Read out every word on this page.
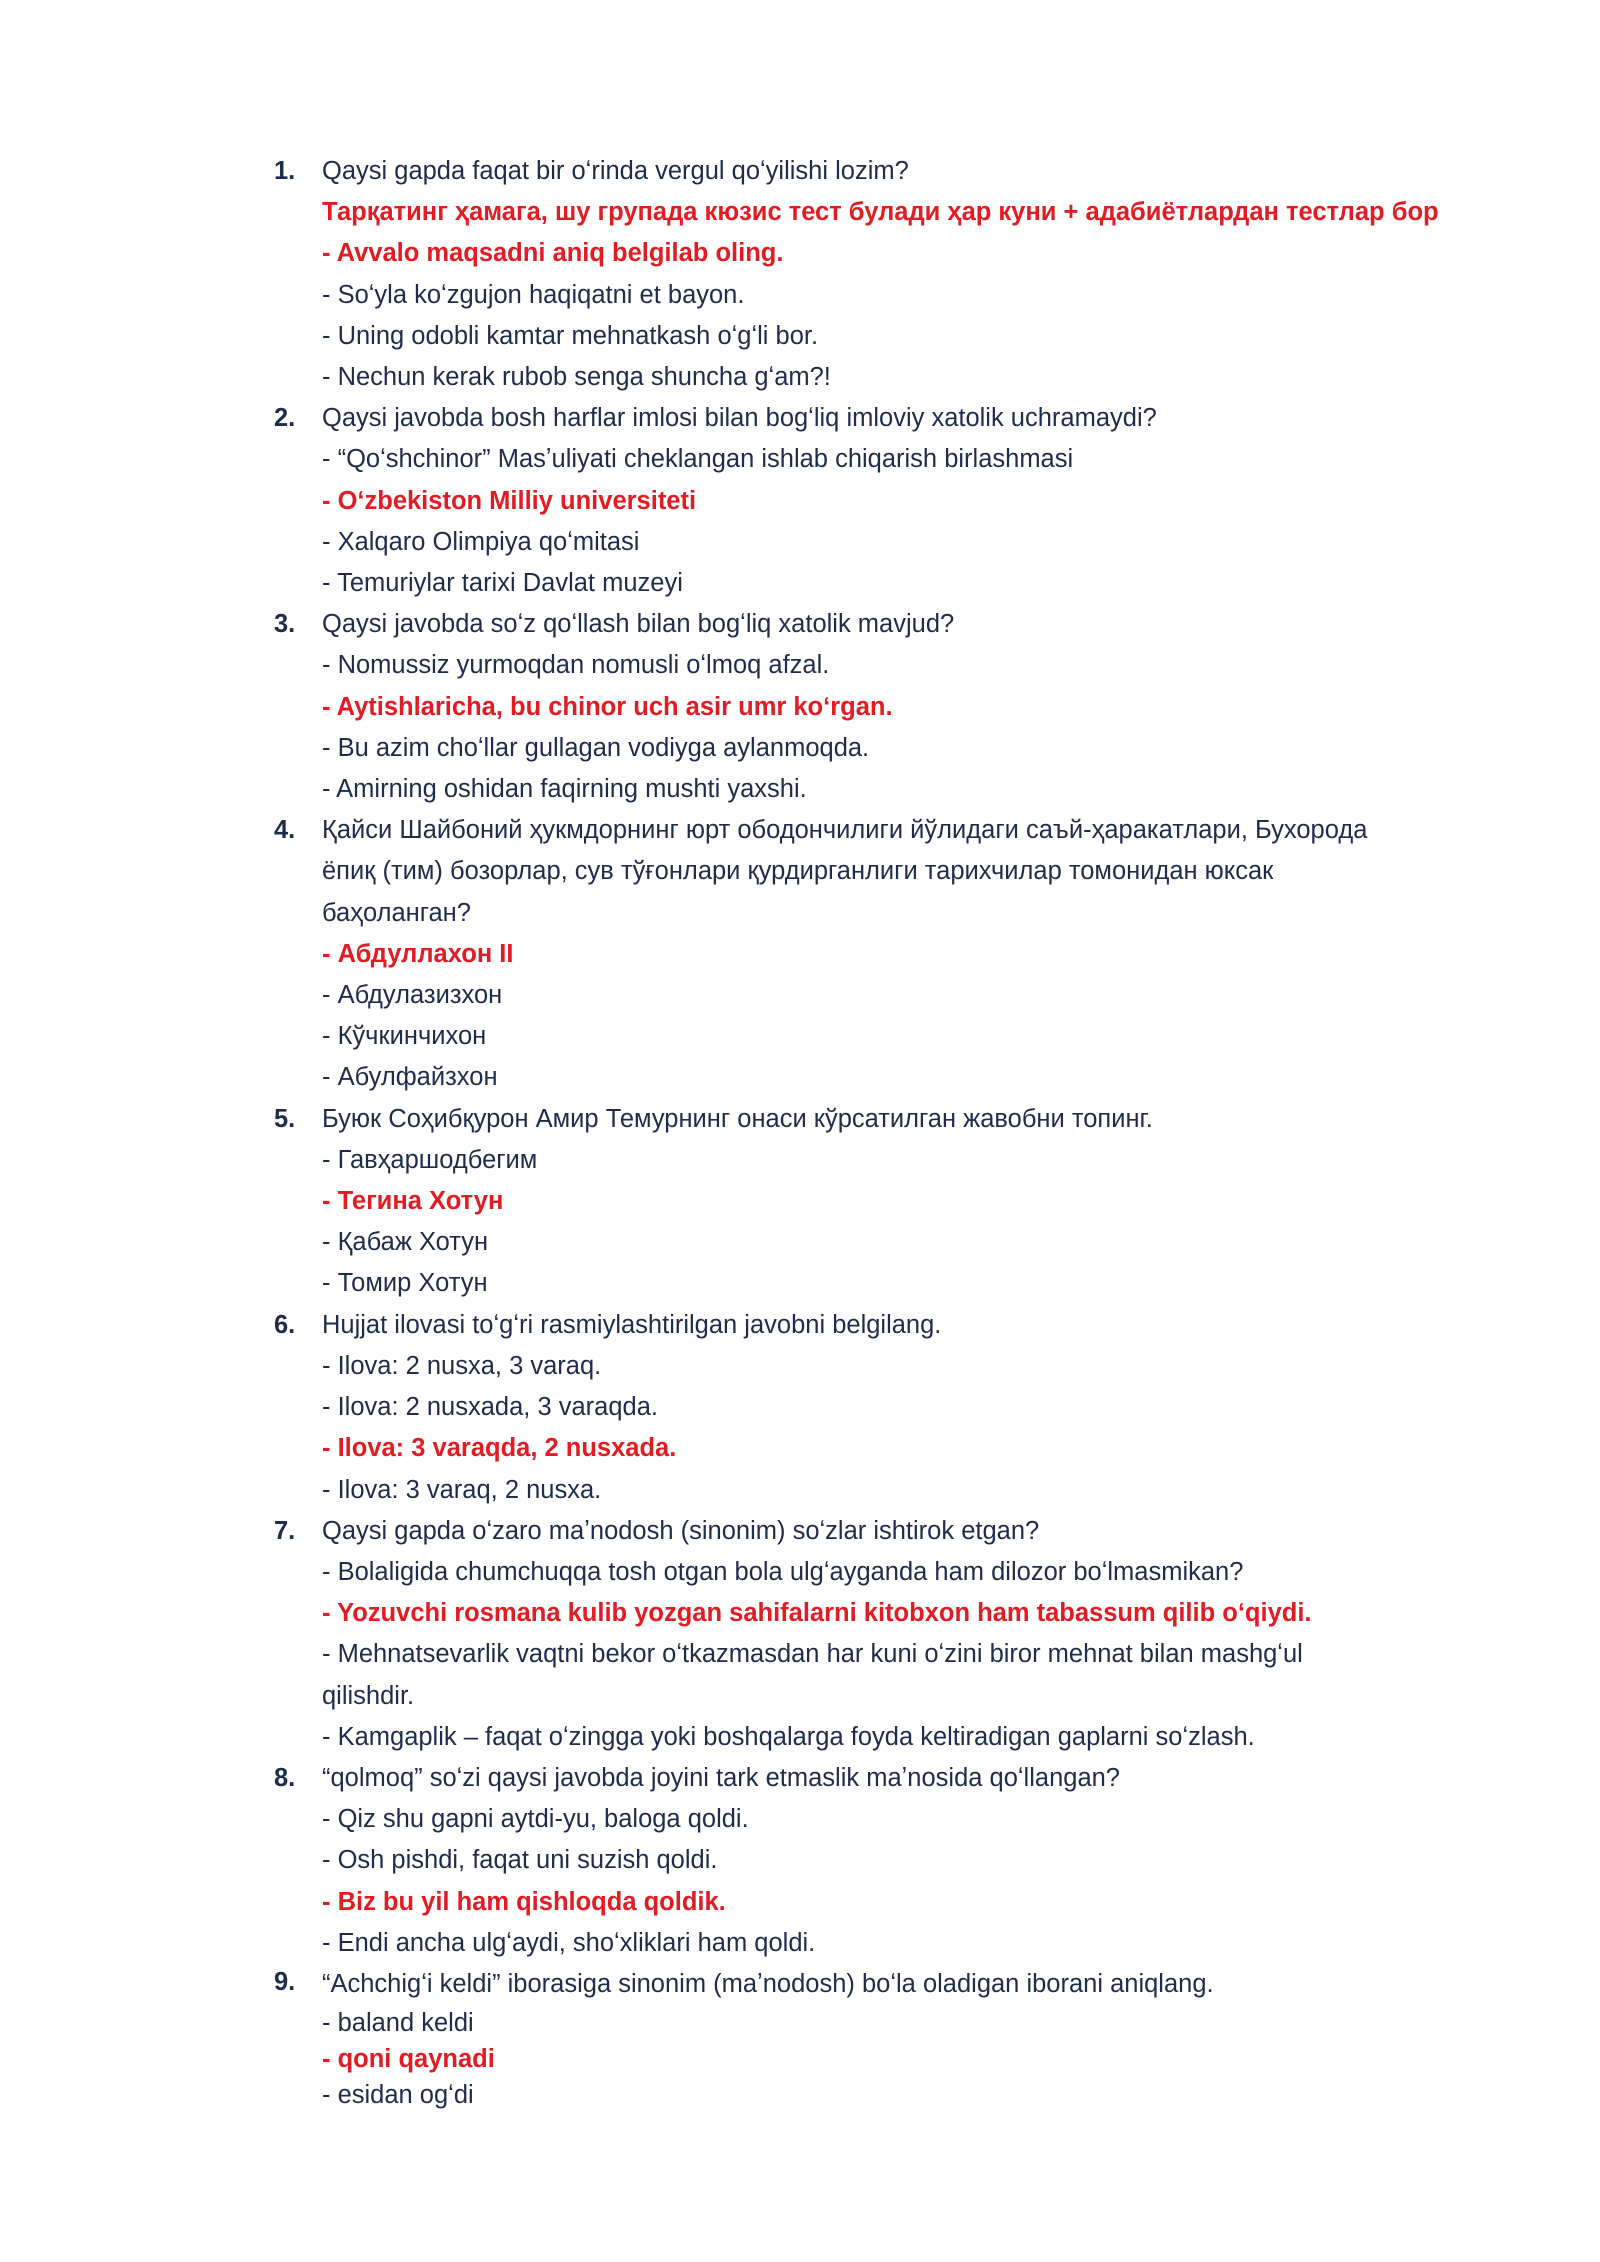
1. Qaysi gapda faqat bir oʻrinda vergul qoʻyilishi lozim?
Тарқатинг ҳамага, шу групада кюзис тест булади ҳар куни + адабиётлардан тестлар бор
- Avvalo maqsadni aniq belgilab oling.
- Soʻyla koʻzgujon haqiqatni et bayon.
- Uning odobli kamtar mehnatkash oʻgʻli bor.
- Nechun kerak rubob senga shuncha gʻam?!
2. Qaysi javobda bosh harflar imlosi bilan bogʻliq imloviy xatolik uchramaydi?
- “Qoʻshchinor” Masʼuliyati cheklangan ishlab chiqarish birlashmasi
- Oʻzbekiston Milliy universiteti
- Xalqaro Olimpiya qoʻmitasi
- Temuriylar tarixi Davlat muzeyi
3. Qaysi javobda soʻz qoʻllash bilan bogʻliq xatolik mavjud?
- Nomussiz yurmoqdan nomusli oʻlmoq afzal.
- Aytishlaricha, bu chinor uch asir umr koʻrgan.
- Bu azim choʻllar gullagan vodiyga aylanmoqda.
- Amirning oshidan faqirning mushti yaxshi.
4. Қайси Шайбоний ҳукмдорнинг юрт ободончилиги йўлидаги саъй-ҳаракатлари, Бухорода
ёпиқ (тим) бозорлар, сув тўғонлари қурдирганлиги тарихчилар томонидан юксак
баҳоланган?
- Абдуллахон II
- Абдулазизхон
- Кўчкинчихон
- Абулфайзхон
5. Буюк Соҳибқурон Амир Темурнинг онаси кўрсатилган жавобни топинг.
- Гавҳаршодбегим
- Тегина Хотун
- Қабаж Хотун
- Томир Хотун
6. Hujjat ilovasi toʻgʻri rasmiylashtirilgan javobni belgilang.
- Ilova: 2 nusxa, 3 varaq.
- Ilova: 2 nusxada, 3 varaqda.
- Ilova: 3 varaqda, 2 nusxada.
- Ilova: 3 varaq, 2 nusxa.
7. Qaysi gapda oʻzaro maʼnodosh (sinonim) soʻzlar ishtirok etgan?
- Bolaligida chumchuqqa tosh otgan bola ulgʻayganda ham dilozor boʻlmasmikan?
- Yozuvchi rosmana kulib yozgan sahifalarni kitobxon ham tabassum qilib oʻqiydi.
- Mehnatsevarlik vaqtni bekor oʻtkazmasdan har kuni oʻzini biror mehnat bilan mashgʻul
qilishdir.
- Kamgaplik – faqat oʻzingga yoki boshqalarga foyda keltiradigan gaplarni soʻzlash.
8. “qolmoq” soʻzi qaysi javobda joyini tark etmaslik maʼnosida qoʻllangan?
- Qiz shu gapni aytdi-yu, baloga qoldi.
- Osh pishdi, faqat uni suzish qoldi.
- Biz bu yil ham qishloqda qoldik.
- Endi ancha ulgʻaydi, shoʻxliklari ham qoldi.
9. “Achchigʻi keldi” iborasiga sinonim (maʼnodosh) boʻla oladigan iborani aniqlang.
- baland keldi
- qoni qaynadi
- esidan ogʻdi
